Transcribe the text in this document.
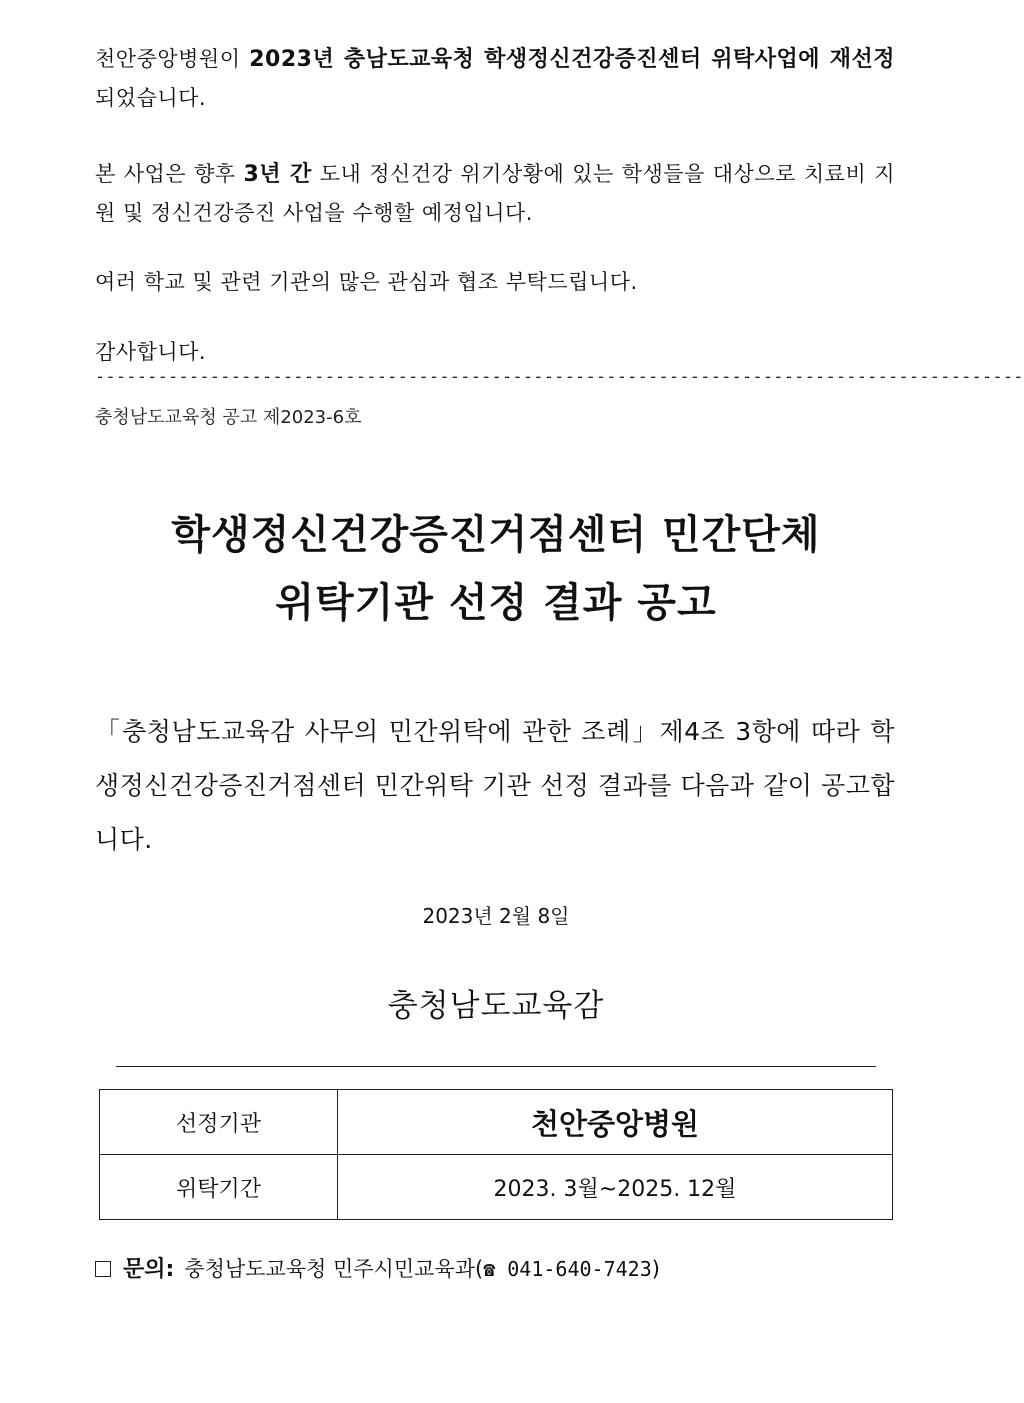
천안중앙병원이 2023년 충남도교육청 학생정신건강증진센터 위탁사업에 재선정되었습니다.
본 사업은 향후 3년 간 도내 정신건강 위기상황에 있는 학생들을 대상으로 치료비 지원 및 정신건강증진 사업을 수행할 예정입니다.
여러 학교 및 관련 기관의 많은 관심과 협조 부탁드립니다.
감사합니다.
-----------------------------------------------------------------------------------------
충청남도교육청 공고 제2023-6호
학생정신건강증진거점센터 민간단체
위탁기관 선정 결과 공고
「충청남도교육감 사무의 민간위탁에 관한 조례」제4조 3항에 따라 학생정신건강증진거점센터 민간위탁 기관 선정 결과를 다음과 같이 공고합니다.
2023년 2월 8일
충청남도교육감
선정기관	천안중앙병원
위탁기간	2023. 3월~2025. 12월
문의: 충청남도교육청 민주시민교육과(☎ 041-640-7423)
